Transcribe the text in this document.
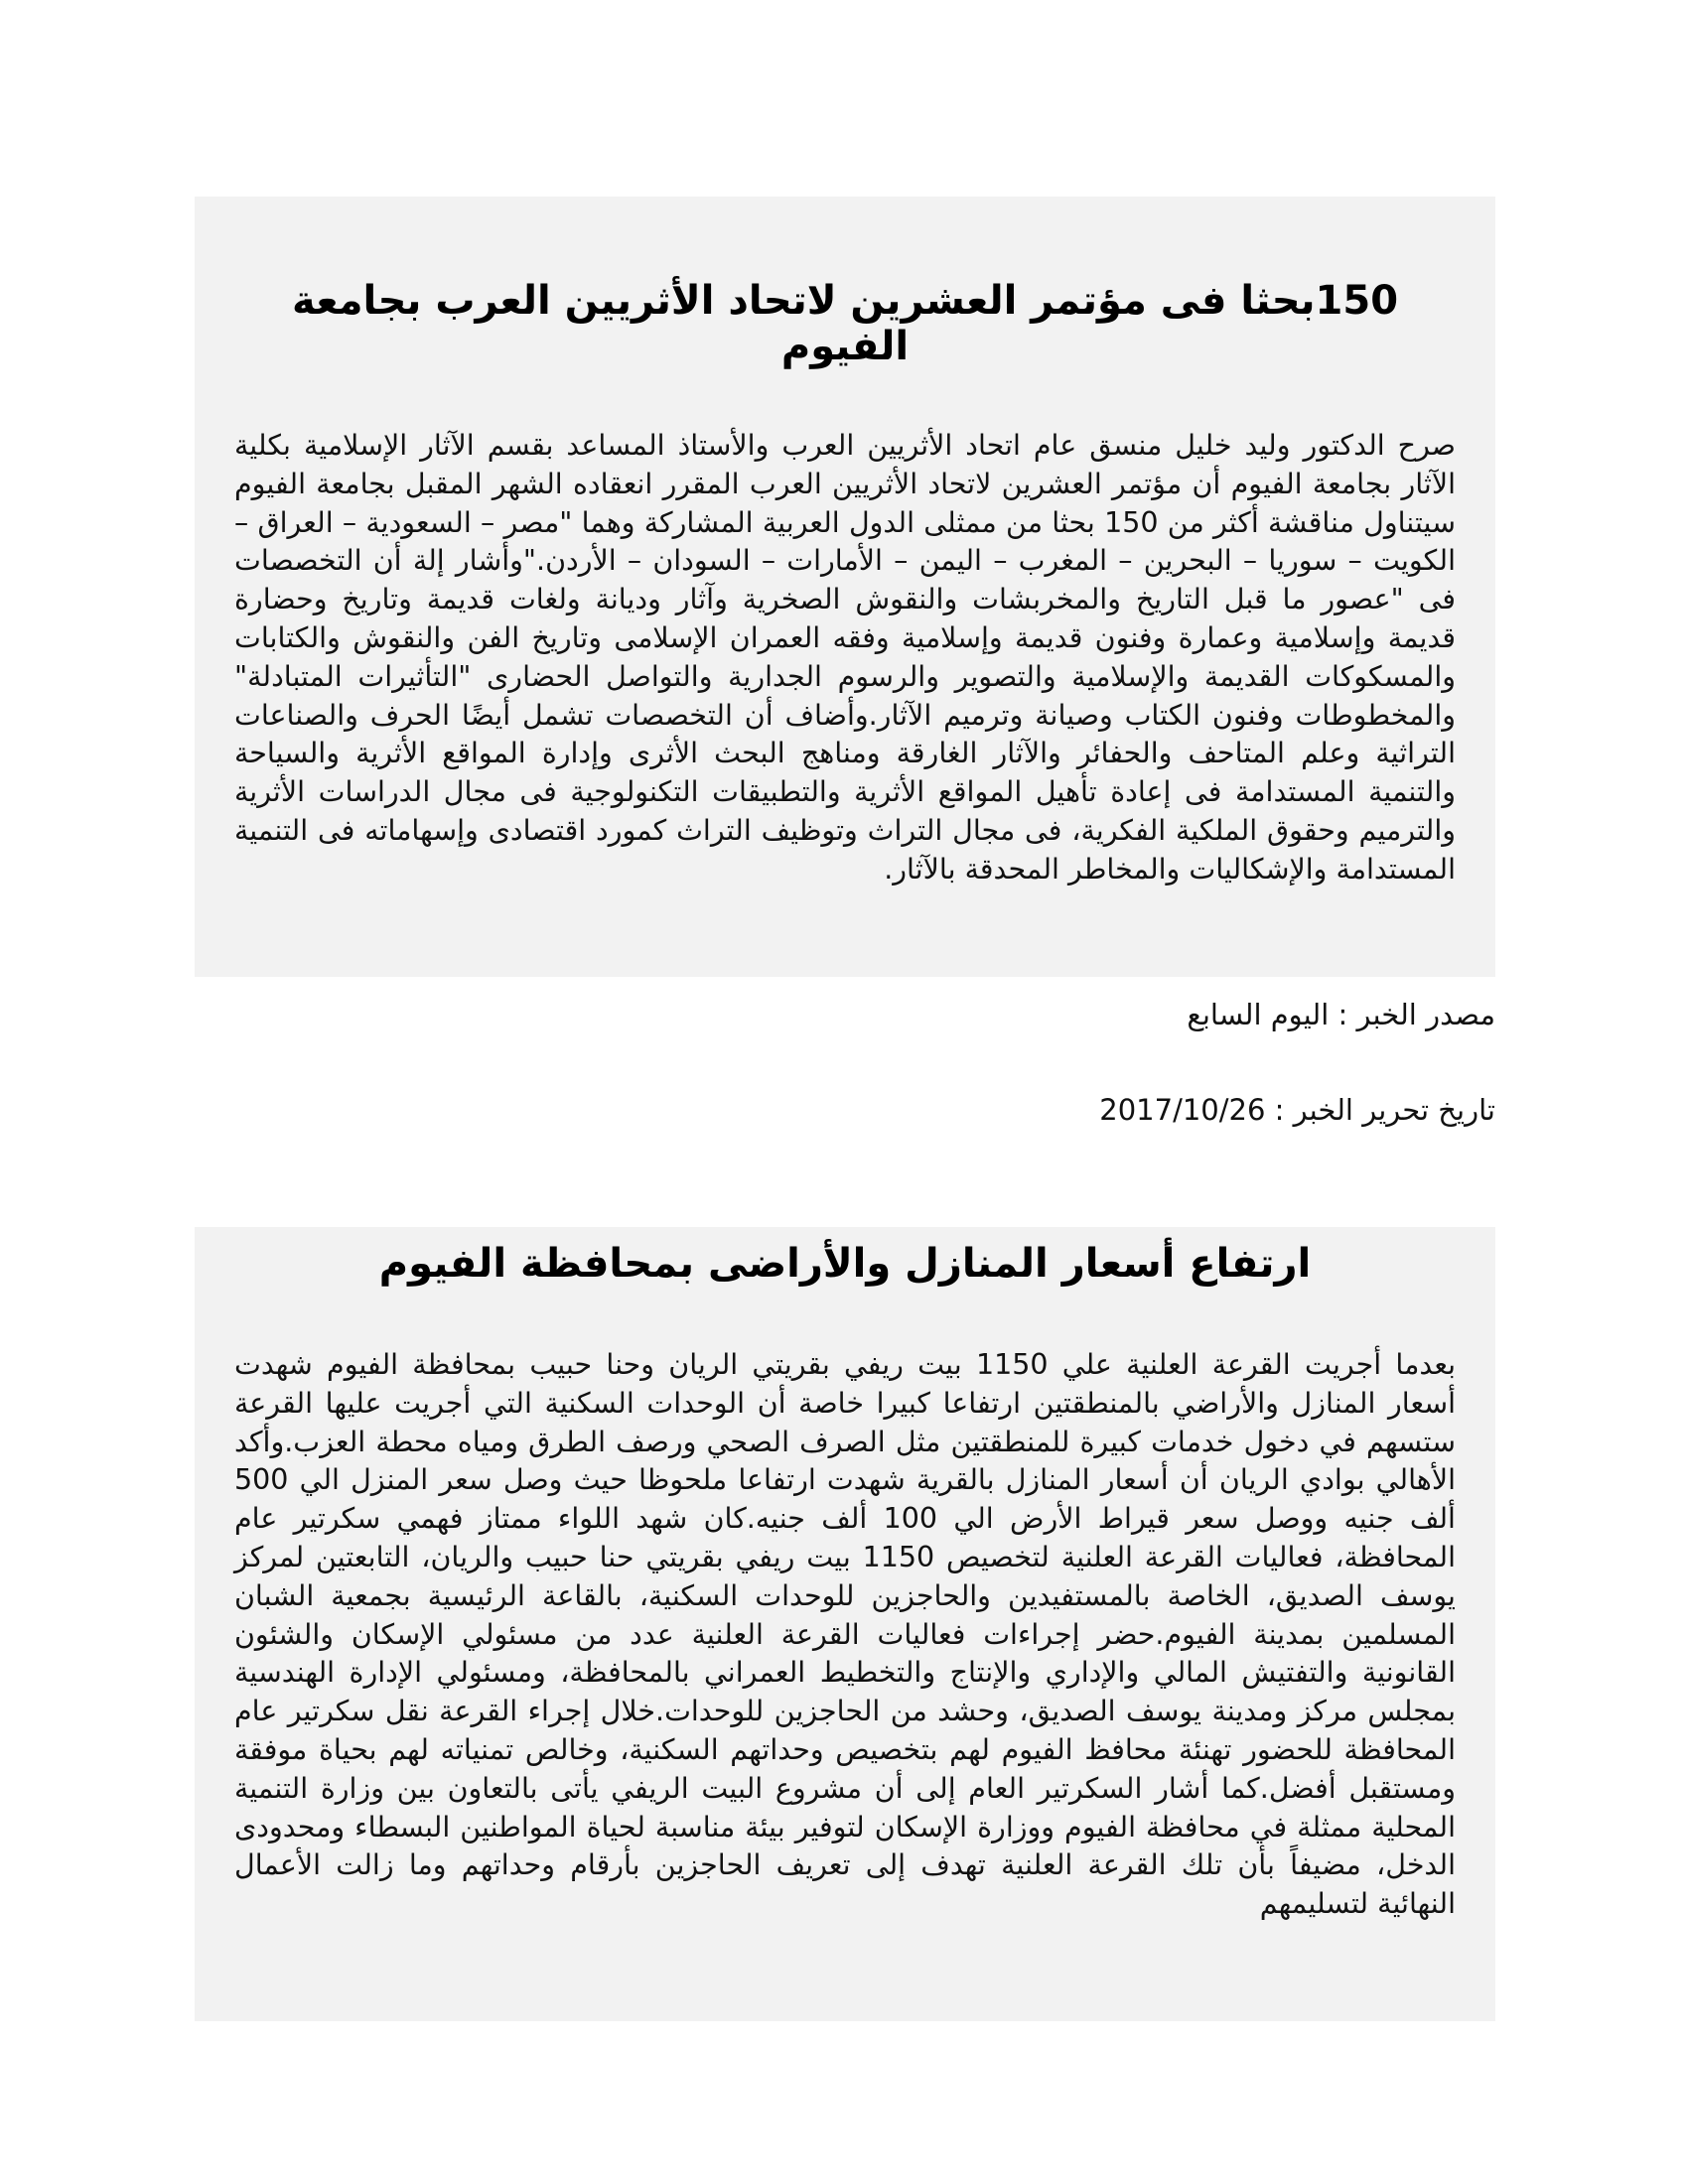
150بحثا فى مؤتمر العشرين لاتحاد الأثريين العرب بجامعة الفيوم

صرح الدكتور وليد خليل منسق عام اتحاد الأثريين العرب والأستاذ المساعد بقسم الآثار الإسلامية بكلية الآثار بجامعة الفيوم أن مؤتمر العشرين لاتحاد الأثريين العرب المقرر انعقاده الشهر المقبل بجامعة الفيوم سيتناول مناقشة أكثر من 150 بحثا من ممثلى الدول العربية المشاركة وهما "مصر – السعودية – العراق – الكويت – سوريا – البحرين – المغرب – اليمن – الأمارات – السودان – الأردن."وأشار إلة أن التخصصات فى "عصور ما قبل التاريخ والمخربشات والنقوش الصخرية وآثار وديانة ولغات قديمة وتاريخ وحضارة قديمة وإسلامية وعمارة وفنون قديمة وإسلامية وفقه العمران الإسلامى وتاريخ الفن والنقوش والكتابات والمسكوكات القديمة والإسلامية والتصوير والرسوم الجدارية والتواصل الحضارى "التأثيرات المتبادلة" والمخطوطات وفنون الكتاب وصيانة وترميم الآثار.وأضاف أن التخصصات تشمل أيضًا الحرف والصناعات التراثية وعلم المتاحف والحفائر والآثار الغارقة ومناهج البحث الأثرى وإدارة المواقع الأثرية والسياحة والتنمية المستدامة فى إعادة تأهيل المواقع الأثرية والتطبيقات التكنولوجية فى مجال الدراسات الأثرية والترميم وحقوق الملكية الفكرية، فى مجال التراث وتوظيف التراث كمورد اقتصادى وإسهاماته فى التنمية المستدامة والإشكاليات والمخاطر المحدقة بالآثار.

مصدر الخبر : اليوم السابع

تاريخ تحرير الخبر : 2017/10/26

ارتفاع أسعار المنازل والأراضى بمحافظة الفيوم

بعدما أجريت القرعة العلنية علي 1150 بيت ريفي بقريتي الريان وحنا حبيب بمحافظة الفيوم شهدت أسعار المنازل والأراضي بالمنطقتين ارتفاعا كبيرا خاصة أن الوحدات السكنية التي أجريت عليها القرعة ستسهم في دخول خدمات كبيرة للمنطقتين مثل الصرف الصحي ورصف الطرق ومياه محطة العزب.وأكد الأهالي بوادي الريان أن أسعار المنازل بالقرية شهدت ارتفاعا ملحوظا حيث وصل سعر المنزل الي 500 ألف جنيه ووصل سعر قيراط الأرض الي 100 ألف جنيه.كان شهد اللواء ممتاز فهمي سكرتير عام المحافظة، فعاليات القرعة العلنية لتخصيص 1150 بيت ريفي بقريتي حنا حبيب والريان، التابعتين لمركز يوسف الصديق، الخاصة بالمستفيدين والحاجزين للوحدات السكنية، بالقاعة الرئيسية بجمعية الشبان المسلمين بمدينة الفيوم.حضر إجراءات فعاليات القرعة العلنية عدد من مسئولي الإسكان والشئون القانونية والتفتيش المالي والإداري والإنتاج والتخطيط العمراني بالمحافظة، ومسئولي الإدارة الهندسية بمجلس مركز ومدينة يوسف الصديق، وحشد من الحاجزين للوحدات.خلال إجراء القرعة نقل سكرتير عام المحافظة للحضور تهنئة محافظ الفيوم لهم بتخصيص وحداتهم السكنية، وخالص تمنياته لهم بحياة موفقة ومستقبل أفضل.كما أشار السكرتير العام إلى أن مشروع البيت الريفي يأتى بالتعاون بين وزارة التنمية المحلية ممثلة في محافظة الفيوم ووزارة الإسكان لتوفير بيئة مناسبة لحياة المواطنين البسطاء ومحدودى الدخل، مضيفاً بأن تلك القرعة العلنية تهدف إلى تعريف الحاجزين بأرقام وحداتهم وما زالت الأعمال النهائية لتسليمهم
